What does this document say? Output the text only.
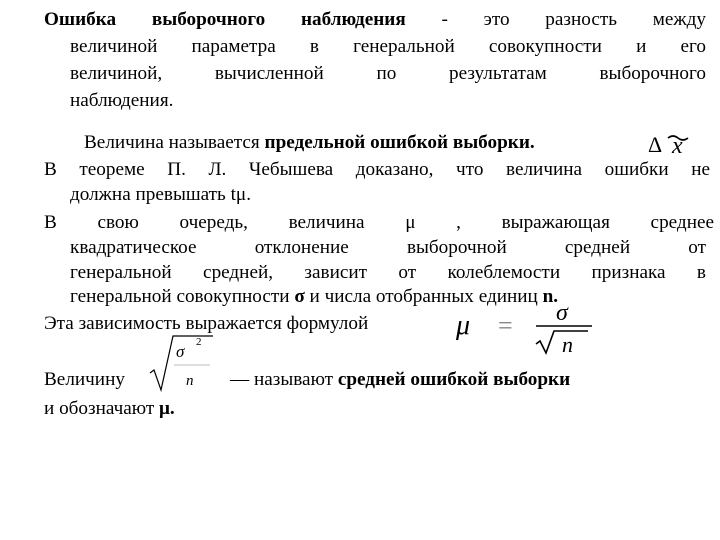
Ошибка выборочного наблюдения - это разность между
величиной параметра в генеральной совокупности и его
величиной, вычисленной по результатам выборочного
наблюдения.
Величина называется предельной ошибкой выборки.	Δ x
В теореме П. Л. Чебышева доказано, что величина ошибки не
должна превышать tμ.
В свою очередь, величина μ , выражающая среднее
квадратическое отклонение выборочной средней от
генеральной средней, зависит от колеблемости признака в
генеральной совокупности σ и числа отобранных единиц n.
Эта зависимость выражается формулой	μ = σ
n
Величину
σ 2
n — называют средней ошибкой выборки
и обозначают μ.
